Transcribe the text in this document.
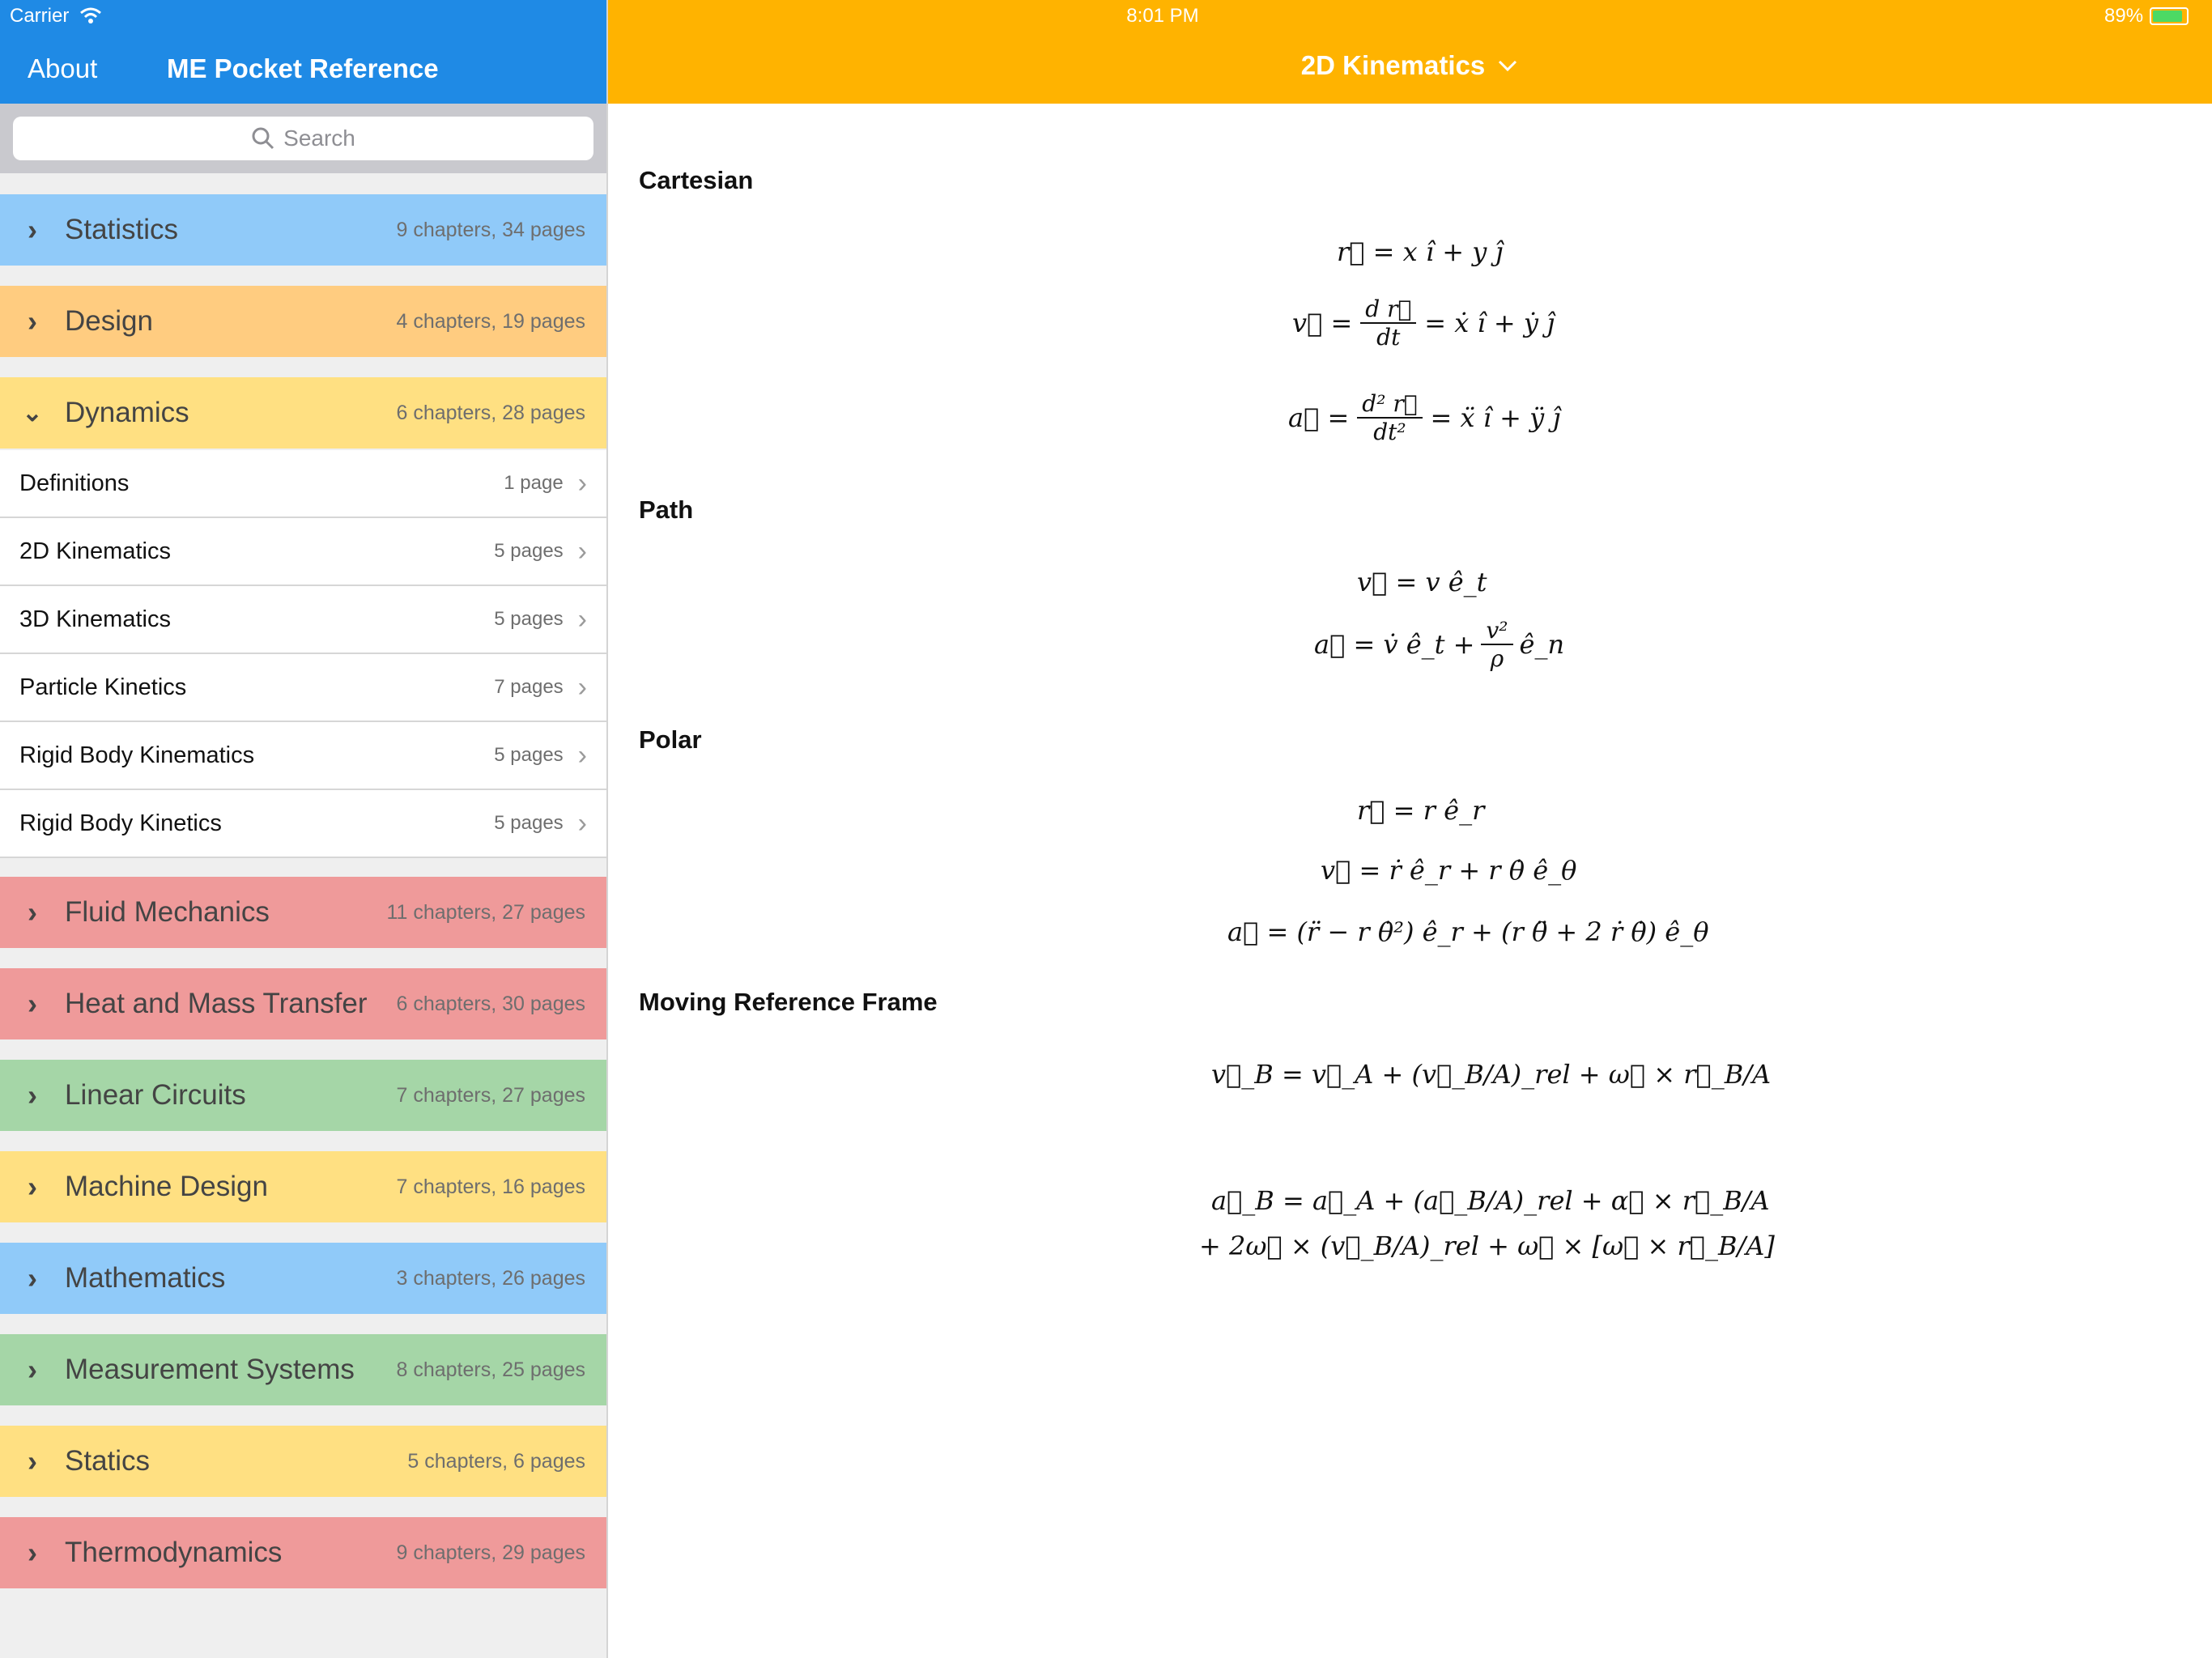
Carrier
About	ME Pocket Reference
Search
› Statistics	9 chapters, 34 pages
› Design	4 chapters, 19 pages
⌄ Dynamics	6 chapters, 28 pages
Definitions	1 page ›
2D Kinematics	5 pages ›
3D Kinematics	5 pages ›
Particle Kinetics	7 pages ›
Rigid Body Kinematics	5 pages ›
Rigid Body Kinetics	5 pages ›
› Fluid Mechanics	11 chapters, 27 pages
› Heat and Mass Transfer	6 chapters, 30 pages
› Linear Circuits	7 chapters, 27 pages
› Machine Design	7 chapters, 16 pages
› Mathematics	3 chapters, 26 pages
› Measurement Systems	8 chapters, 25 pages
› Statics	5 chapters, 6 pages
› Thermodynamics	9 chapters, 29 pages
8:01 PM	89%
2D Kinematics
Cartesian
Path
Polar
Moving Reference Frame
r⃗ = x î + y ĵ
v⃗ = $\frac{\text{d r⃗}}{dt}$ = ẋ î + ẏ ĵ
a⃗ = $\frac{\text{d² r⃗}}{\text{dt²}}$ = ẍ î + ÿ ĵ
v⃗ = v ê_t
a⃗ = v̇ ê_t + $\frac{\text{v²}}{\rho}$ ê_n
r⃗ = r ê_r
v⃗ = ṙ ê_r + r θ̇ ê_θ
a⃗ = (r̈ − r θ̇²) ê_r + (r θ̈ + 2 ṙ θ̇) ê_θ
v⃗_B = v⃗_A + (v⃗_B/A)_rel + ω⃗ × r⃗_B/A
a⃗_B = a⃗_A + (a⃗_B/A)_rel + α⃗ × r⃗_B/A
+ 2ω⃗ × (v⃗_B/A)_rel + ω⃗ × [ω⃗ × r⃗_B/A]
